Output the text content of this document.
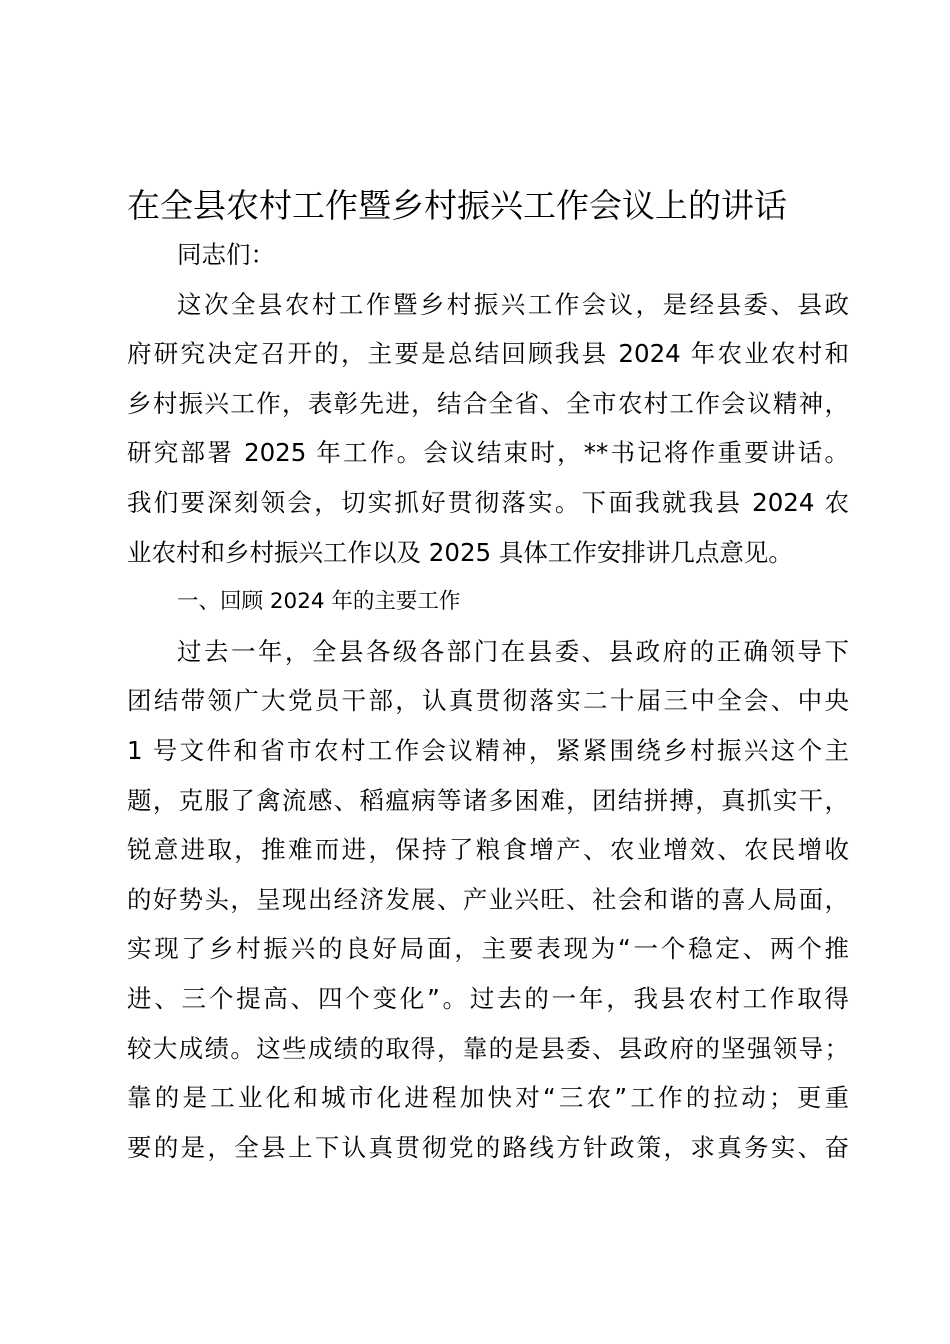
在全县农村工作暨乡村振兴工作会议上的讲话
同志们：
这次全县农村工作暨乡村振兴工作会议，是经县委、县政
府研究决定召开的，主要是总结回顾我县 2024 年农业农村和
乡村振兴工作，表彰先进，结合全省、全市农村工作会议精神，
研究部署 2025 年工作。会议结束时，**书记将作重要讲话。
我们要深刻领会，切实抓好贯彻落实。下面我就我县 2024 农
业农村和乡村振兴工作以及 2025 具体工作安排讲几点意见。
一、回顾 2024 年的主要工作
过去一年，全县各级各部门在县委、县政府的正确领导下
团结带领广大党员干部，认真贯彻落实二十届三中全会、中央
1 号文件和省市农村工作会议精神，紧紧围绕乡村振兴这个主
题，克服了禽流感、稻瘟病等诸多困难，团结拼搏，真抓实干，
锐意进取，推难而进，保持了粮食增产、农业增效、农民增收
的好势头，呈现出经济发展、产业兴旺、社会和谐的喜人局面，
实现了乡村振兴的良好局面，主要表现为“一个稳定、两个推
进、三个提高、四个变化”。过去的一年，我县农村工作取得
较大成绩。这些成绩的取得，靠的是县委、县政府的坚强领导；
靠的是工业化和城市化进程加快对“三农”工作的拉动；更重
要的是，全县上下认真贯彻党的路线方针政策，求真务实、奋
